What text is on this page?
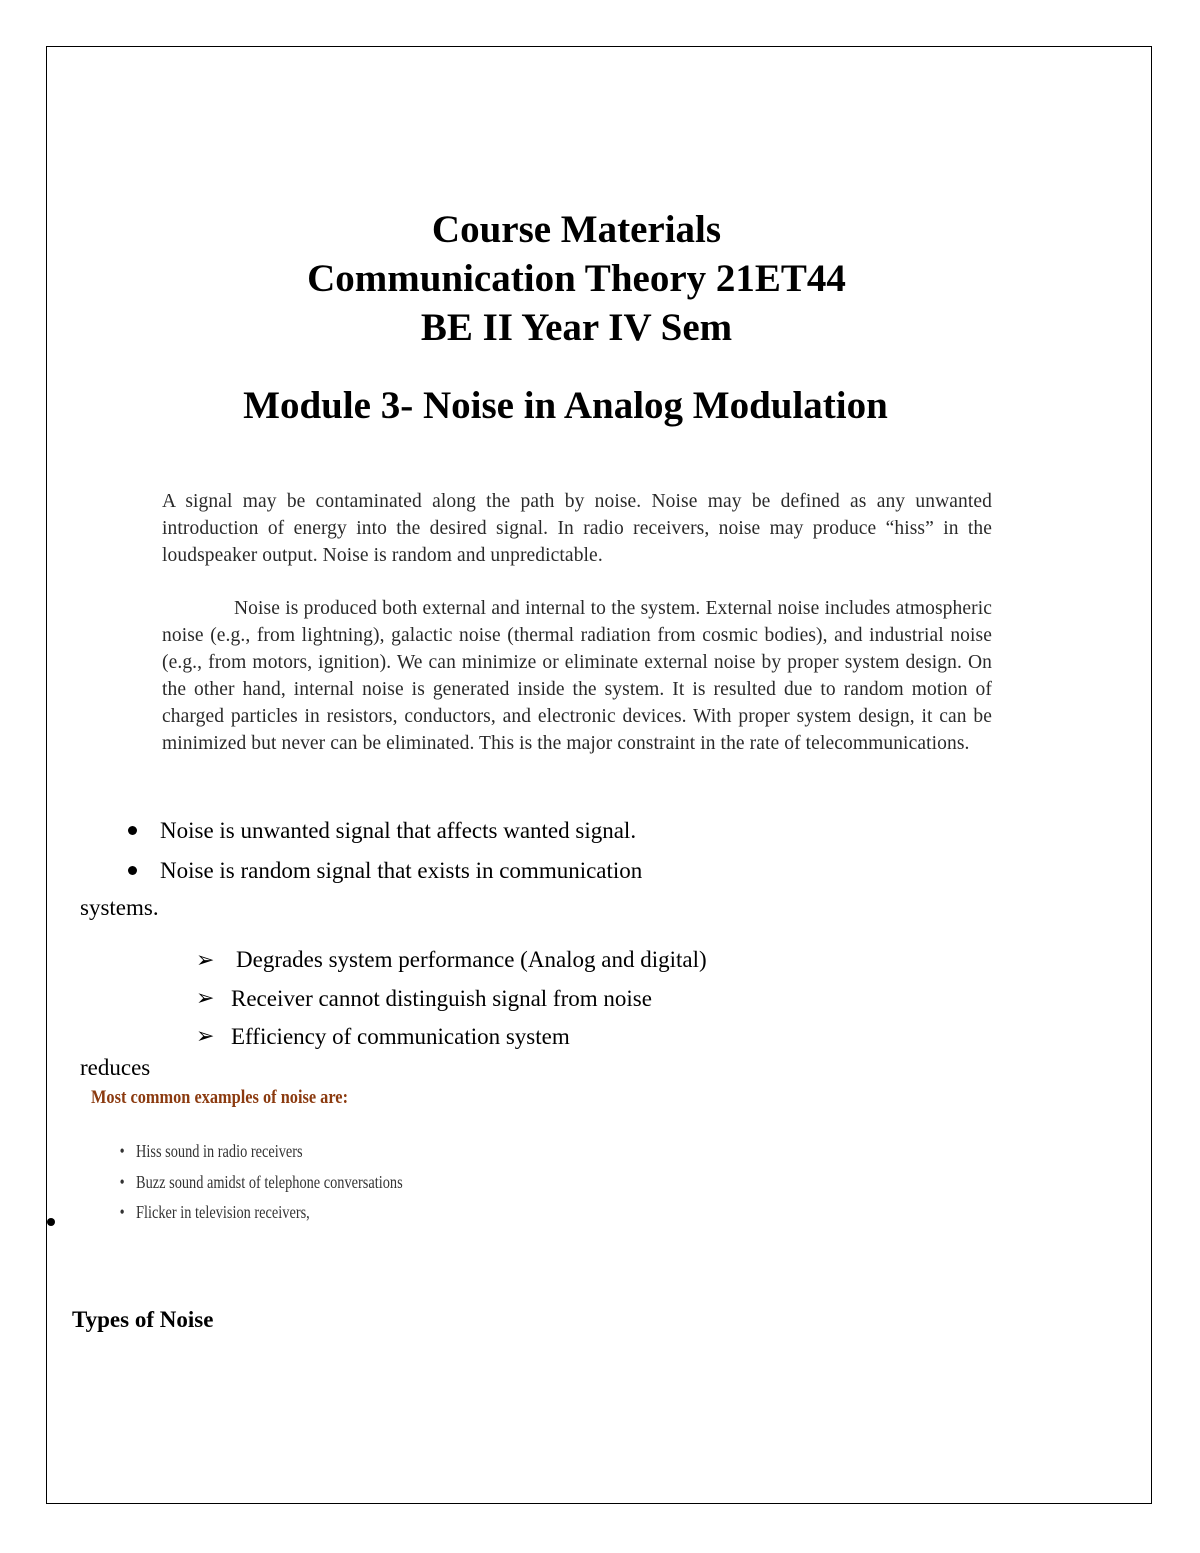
Course Materials
Communication Theory 21ET44
BE II Year IV Sem
Module 3- Noise in Analog Modulation
A signal may be contaminated along the path by noise. Noise may be defined as any unwanted introduction of energy into the desired signal. In radio receivers, noise may produce “hiss” in the loudspeaker output. Noise is random and unpredictable.
Noise is produced both external and internal to the system. External noise includes atmospheric noise (e.g., from lightning), galactic noise (thermal radiation from cosmic bodies), and industrial noise (e.g., from motors, ignition). We can minimize or eliminate external noise by proper system design. On the other hand, internal noise is generated inside the system. It is resulted due to random motion of charged particles in resistors, conductors, and electronic devices. With proper system design, it can be minimized but never can be eliminated. This is the major constraint in the rate of telecommunications.
Noise is unwanted signal that affects wanted signal.
Noise is random signal that exists in communication
systems.
➢ Degrades system performance (Analog and digital)
➢ Receiver cannot distinguish signal from noise
➢ Efficiency of communication system
reduces
Most common examples of noise are:
• Hiss sound in radio receivers
• Buzz sound amidst of telephone conversations
• Flicker in television receivers,
Types of Noise
